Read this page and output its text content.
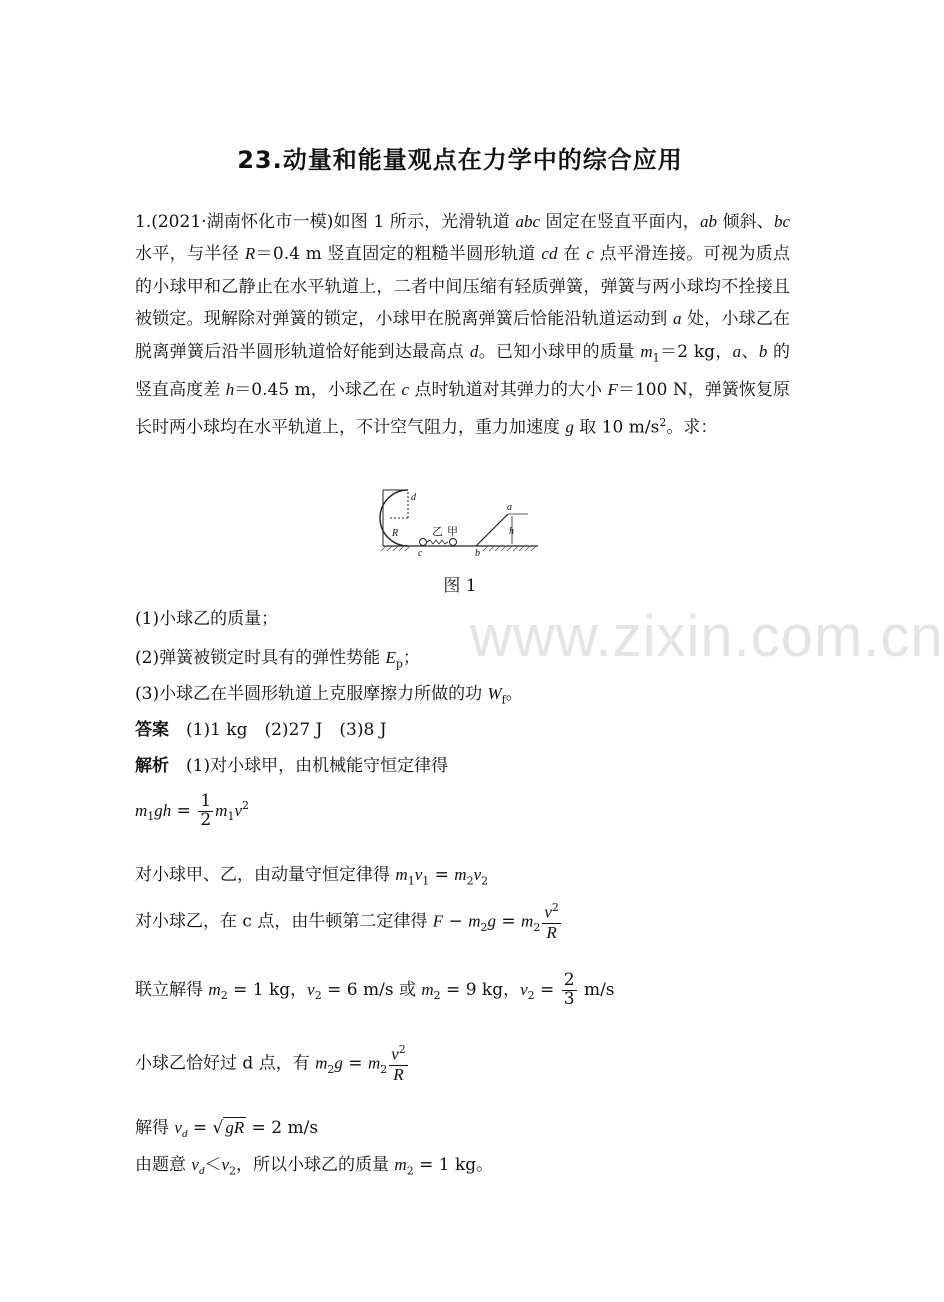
23.动量和能量观点在力学中的综合应用
1.(2021·湖南怀化市一模)如图 1 所示，光滑轨道 abc 固定在竖直平面内，ab 倾斜、bc 水平，与半径 R＝0.4 m 竖直固定的粗糙半圆形轨道 cd 在 c 点平滑连接。可视为质点的小球甲和乙静止在水平轨道上，二者中间压缩有轻质弹簧，弹簧与两小球均不拴接且被锁定。现解除对弹簧的锁定，小球甲在脱离弹簧后恰能沿轨道运动到 a 处，小球乙在脱离弹簧后沿半圆形轨道恰好能到达最高点 d。已知小球甲的质量 $m_1=2$ kg，a、b 的竖直高度差 h＝0.45 m，小球乙在 c 点时轨道对其弹力的大小 F＝100 N，弹簧恢复原长时两小球均在水平轨道上，不计空气阻力，重力加速度 g 取 10 $m/s^2$。求：
d
R
c	b
a
h
乙 甲
图 1
(1)小球乙的质量；
(2)弹簧被锁定时具有的弹性势能 $E_p$；
(3)小球乙在半圆形轨道上克服摩擦力所做的功 $W_f$。
答案　 (1)1 kg　(2)27 J　(3)8 J
解析　 (1)对小球甲，由机械能守恒定律得
$m_1gh = \frac{1}{2} m_1v^2$
对小球甲、乙，由动量守恒定律得 $m_1v_1 = m_2v_2$
对小球乙，在 c 点，由牛顿第二定律得 $F - m_2g = m_2 \frac{v^2}{R}$
联立解得 $m_2 = 1$ kg，$v_2 = 6$ m/s 或 $m_2 = 9$ kg，$v_2 = \frac{2}{3} m/s$
小球乙恰好过 d 点，有 $m_2g = m_2 \frac{v^2}{R}$
解得 $v_d$ = √ gR = 2 m/s
由题意 $v_d<v_2$，所以小球乙的质量 $m_2 = 1$ kg。
www.zixin.com.cn
